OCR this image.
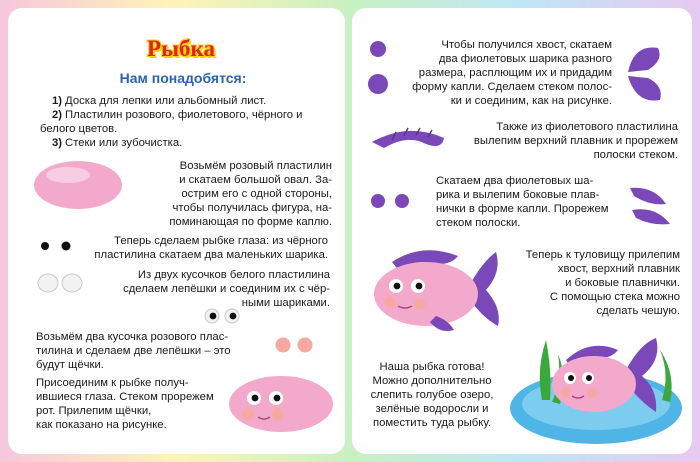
Рыбка
Нам понадобятся:
1) Доска для лепки или альбомный лист.
2) Пластилин розового, фиолетового, чёрного и
белого цветов.
3) Стеки или зубочистка.
Возьмём розовый пластилин
и скатаем большой овал. За-
острим его с одной стороны,
чтобы получилась фигура, на-
поминающая по форме каплю.
Теперь сделаем рыбке глаза: из чёрного
пластилина скатаем два маленьких шарика.
Из двух кусочков белого пластилина
сделаем лепёшки и соединим их с чёр-
ными шариками.
Возьмём два кусочка розового плас-
тилина и сделаем две лепёшки – это
будут щёчки.
Присоединим к рыбке получ-
ившиеся глаза. Стеком прорежем
рот. Прилепим щёчки,
как показано на рисунке.
Чтобы получился хвост, скатаем
два фиолетовых шарика разного
размера, расплющим их и придадим
форму капли. Сделаем стеком полос-
ки и соединим, как на рисунке.
Также из фиолетового пластилина
вылепим верхний плавник и прорежем
полоски стеком.
Скатаем два фиолетовых ша-
рика и вылепим боковые плав-
нички в форме капли. Прорежем
стеком полоски.
Теперь к туловищу прилепим
хвост, верхний плавник
и боковые плавнички.
С помощью стека можно
сделать чешую.
Наша рыбка готова!
Можно дополнительно
слепить голубое озеро,
зелёные водоросли и
поместить туда рыбку.
